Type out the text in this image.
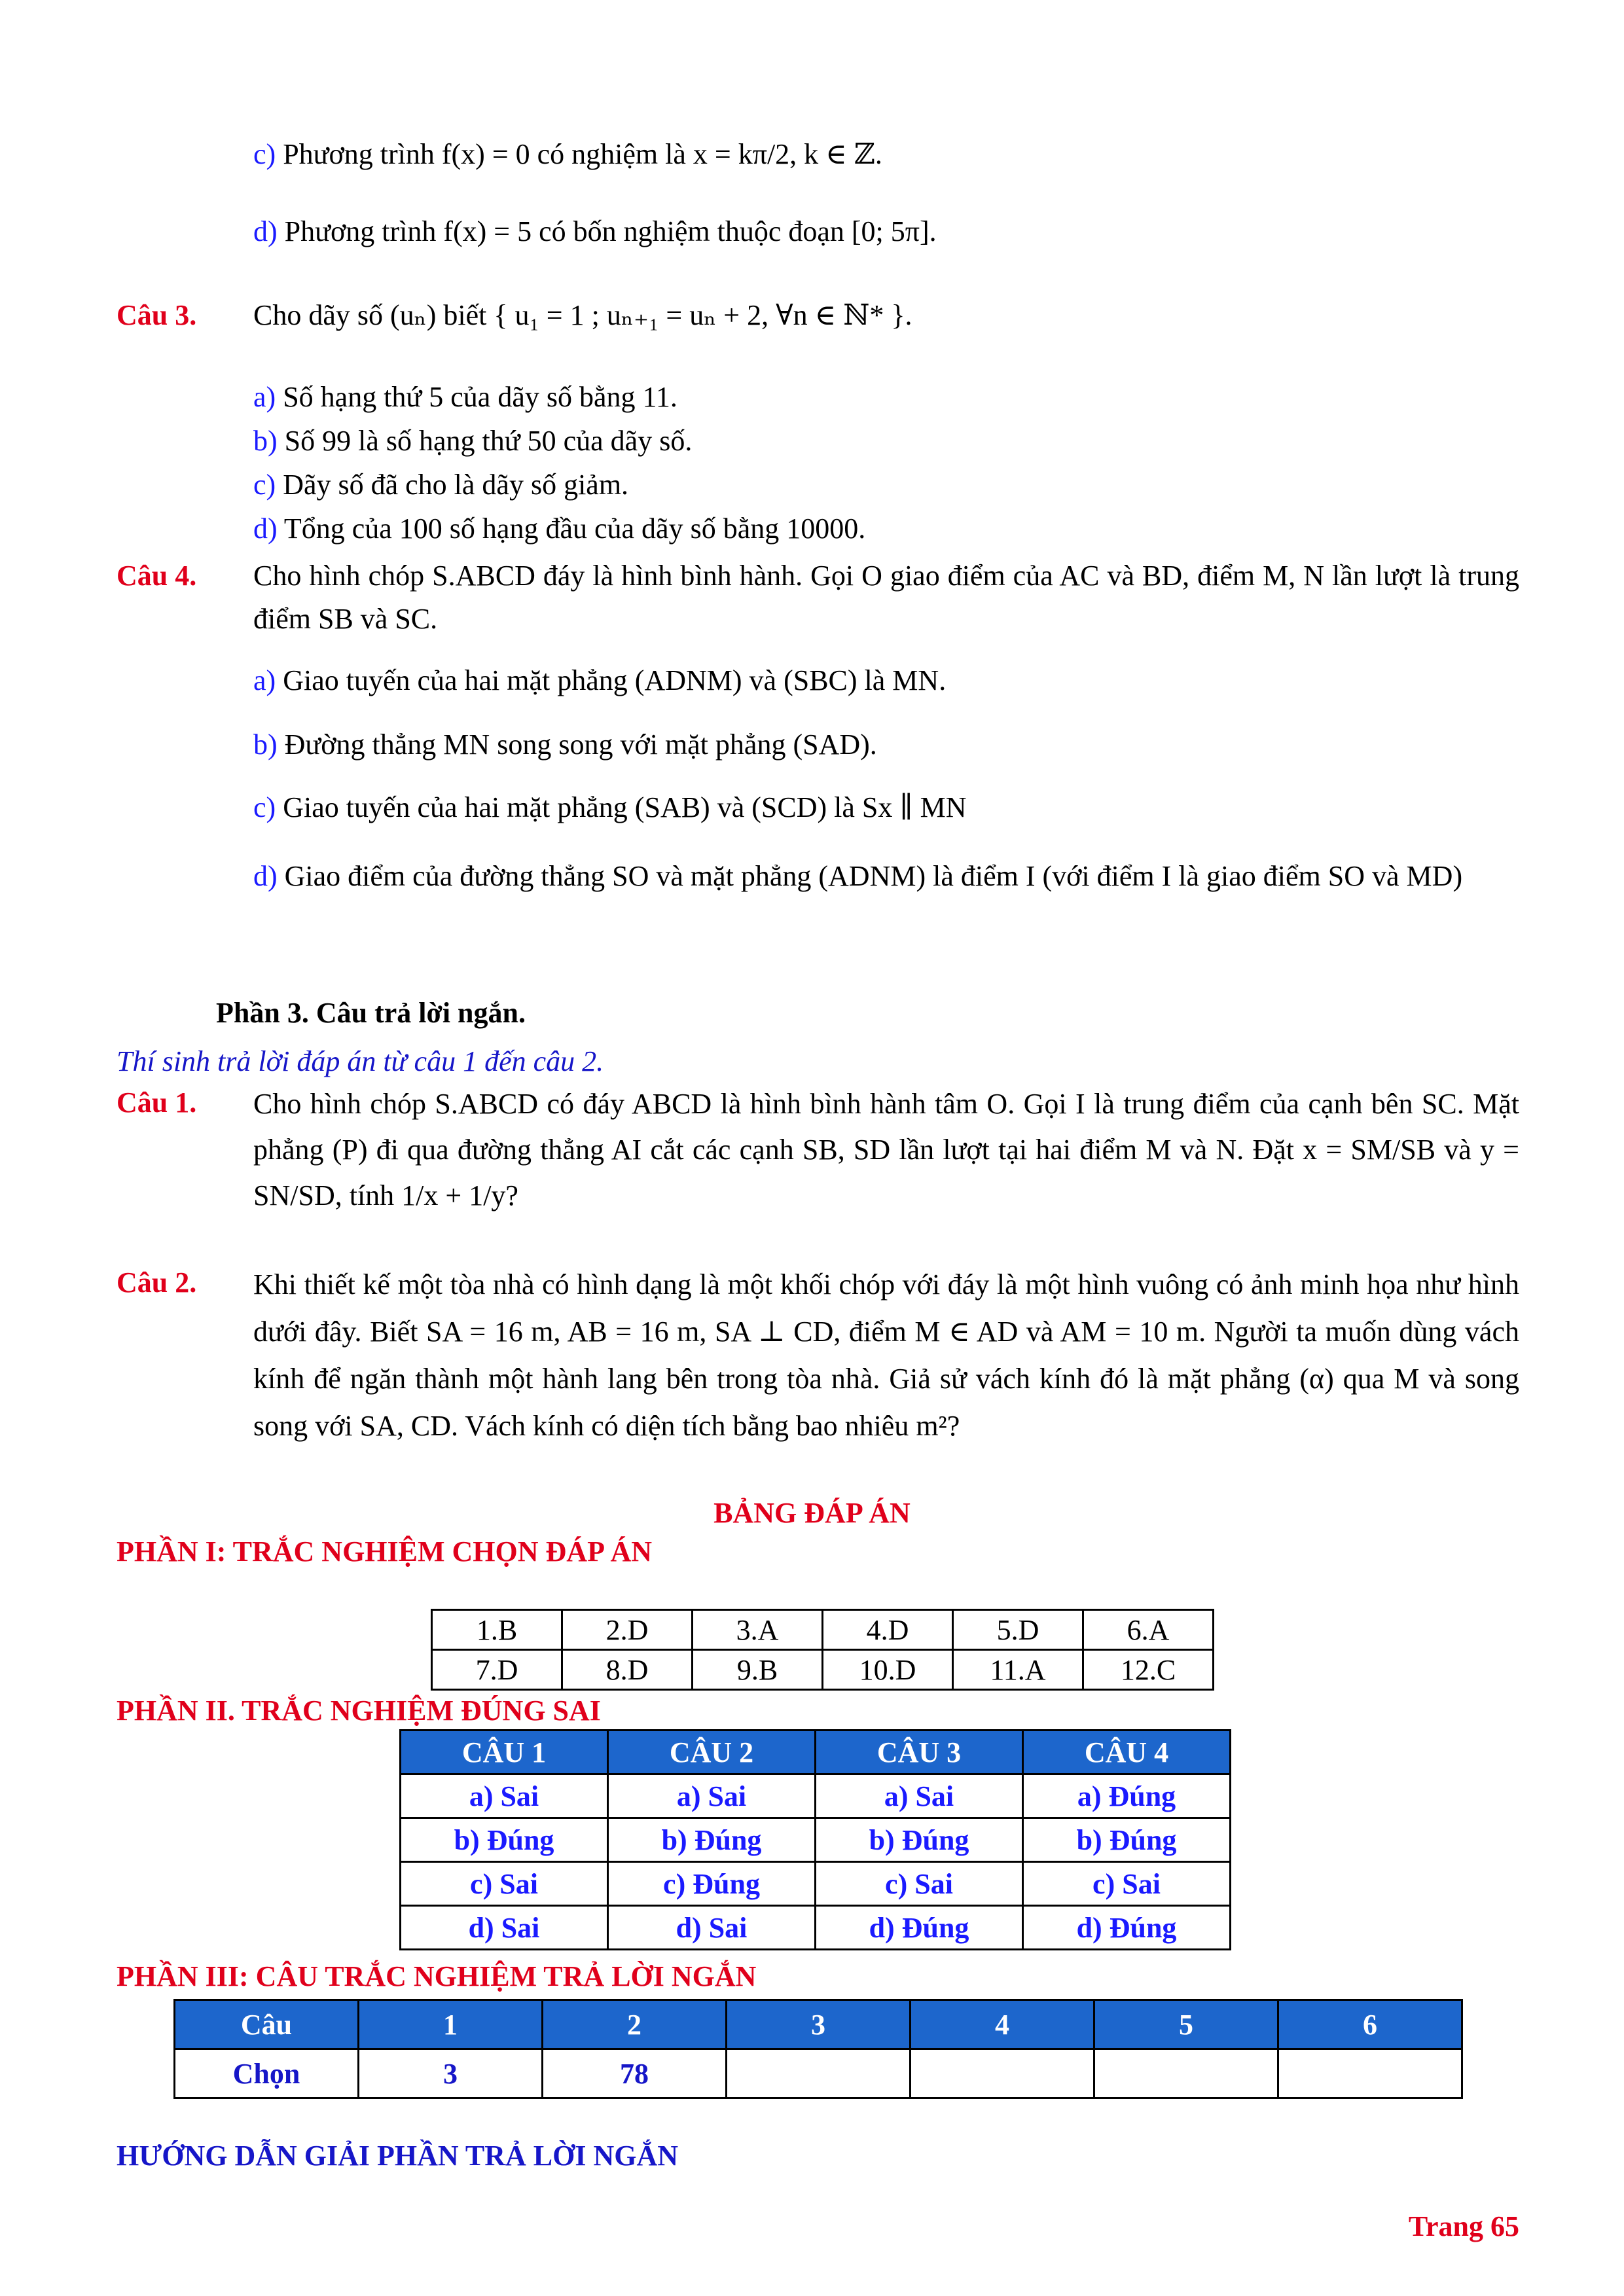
c) Phương trình f(x) = 0 có nghiệm là x = kπ/2, k ∈ ℤ.
d) Phương trình f(x) = 5 có bốn nghiệm thuộc đoạn [0; 5π].
Câu 3. Cho dãy số (uₙ) biết { u₁ = 1 ; uₙ₊₁ = uₙ + 2, ∀n ∈ ℕ* }.
a) Số hạng thứ 5 của dãy số bằng 11.
b) Số 99 là số hạng thứ 50 của dãy số.
c) Dãy số đã cho là dãy số giảm.
d) Tổng của 100 số hạng đầu của dãy số bằng 10000.
Câu 4. Cho hình chóp S.ABCD đáy là hình bình hành. Gọi O giao điểm của AC và BD, điểm M, N lần lượt là trung điểm SB và SC.
a) Giao tuyến của hai mặt phẳng (ADNM) và (SBC) là MN.
b) Đường thẳng MN song song với mặt phẳng (SAD).
c) Giao tuyến của hai mặt phẳng (SAB) và (SCD) là Sx ∥ MN
d) Giao điểm của đường thẳng SO và mặt phẳng (ADNM) là điểm I (với điểm I là giao điểm SO và MD)
Phần 3. Câu trả lời ngắn.
Thí sinh trả lời đáp án từ câu 1 đến câu 2.
Câu 1. Cho hình chóp S.ABCD có đáy ABCD là hình bình hành tâm O. Gọi I là trung điểm của cạnh bên SC. Mặt phẳng (P) đi qua đường thẳng AI cắt các cạnh SB, SD lần lượt tại hai điểm M và N. Đặt x = SM/SB và y = SN/SD, tính 1/x + 1/y?
Câu 2. Khi thiết kế một tòa nhà có hình dạng là một khối chóp với đáy là một hình vuông có ảnh minh họa như hình dưới đây. Biết SA = 16 m, AB = 16 m, SA ⊥ CD, điểm M ∈ AD và AM = 10 m. Người ta muốn dùng vách kính để ngăn thành một hành lang bên trong tòa nhà. Giả sử vách kính đó là mặt phẳng (α) qua M và song song với SA, CD. Vách kính có diện tích bằng bao nhiêu m²?
BẢNG ĐÁP ÁN
PHẦN I: TRẮC NGHIỆM CHỌN ĐÁP ÁN
1.B	2.D	3.A	4.D	5.D	6.A
7.D	8.D	9.B	10.D	11.A	12.C
PHẦN II. TRẮC NGHIỆM ĐÚNG SAI
CÂU 1	CÂU 2	CÂU 3	CÂU 4
a) Sai	a) Sai	a) Sai	a) Đúng
b) Đúng	b) Đúng	b) Đúng	b) Đúng
c) Sai	c) Đúng	c) Sai	c) Sai
d) Sai	d) Sai	d) Đúng	d) Đúng
PHẦN III: CÂU TRẮC NGHIỆM TRẢ LỜI NGẮN
Câu	1	2	3	4	5	6
Chọn	3	78				
HƯỚNG DẪN GIẢI PHẦN TRẢ LỜI NGẮN
Trang 65
